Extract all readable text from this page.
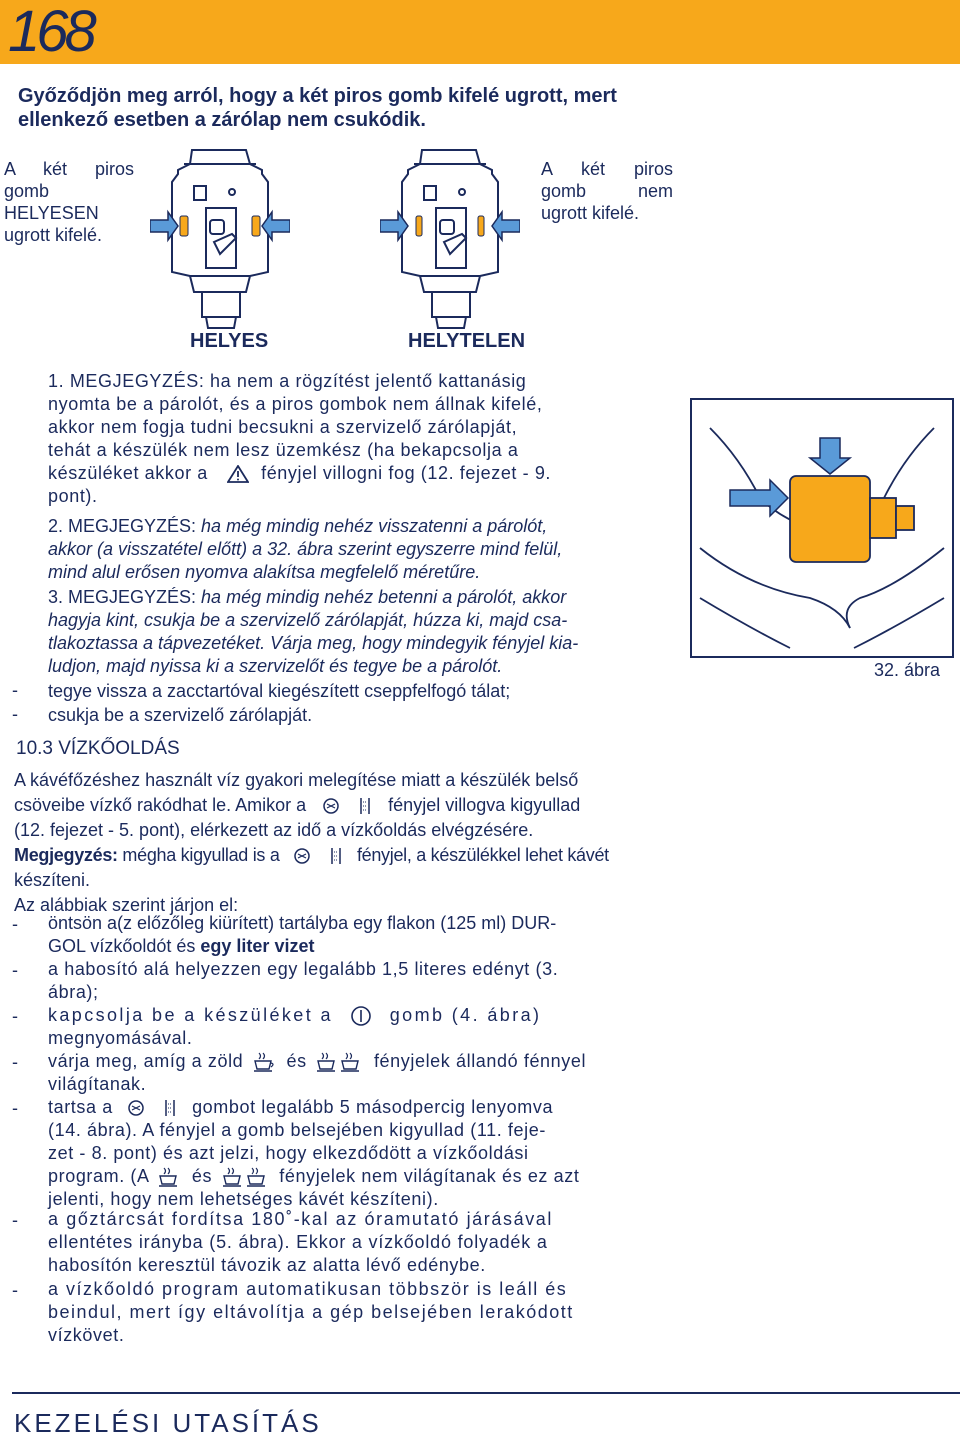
168
Győződjön meg arról, hogy a két piros gomb kifelé ugrott, mert ellenkező esetben a zárólap nem csukódik.
A két piros gomb HELYESEN ugrott kifelé.
A két piros gomb nem ugrott kifelé.
HELYES	HELYTELEN
32. ábra
1. MEGJEGYZÉS: ha nem a rögzítést jelentő kattanásig
nyomta be a párolót, és a piros gombok nem állnak kifelé,
akkor nem fogja tudni becsukni a szervizelő zárólapját,
tehát a készülék nem lesz üzemkész (ha bekapcsolja a
készüléket akkor a	fényjel villogni fog (12. fejezet - 9.
pont).
2. MEGJEGYZÉS: ha még mindig nehéz visszatenni a párolót,
akkor (a visszatétel előtt) a 32. ábra szerint egyszerre mind felül,
mind alul erősen nyomva alakítsa megfelelő méretűre.
3. MEGJEGYZÉS: ha még mindig nehéz betenni a párolót, akkor
hagyja kint, csukja be a szervizelő zárólapját, húzza ki, majd csa-
tlakoztassa a tápvezetéket. Várja meg, hogy mindegyik fényjel kia-
ludjon, majd nyissa ki a szervizelőt és tegye be a párolót.
- tegye vissza a zacctartóval kiegészített cseppfelfogó tálat;
- csukja be a szervizelő zárólapját.
10.3 VÍZKŐOLDÁS
A kávéfőzéshez használt víz gyakori melegítése miatt a készülék belső
csöveibe vízkő rakódhat le. Amikor a	fényjel villogva kigyullad
(12. fejezet - 5. pont), elérkezett az idő a vízkőoldás elvégzésére.
Megjegyzés: mégha kigyullad is a	fényjel, a készülékkel lehet kávét
készíteni.
Az alábbiak szerint járjon el:
- öntsön a(z előzőleg kiürített) tartályba egy flakon (125 ml) DUR-
GOL vízkőoldót és egy liter vizet
- a habosító alá helyezzen egy legalább 1,5 literes edényt (3.
ábra);
- kapcsolja be a készüléket a	gomb (4. ábra)
megnyomásával.
- várja meg, amíg a zöld és	fényjelek állandó fénnyel
világítanak.
- tartsa a	gombot legalább 5 másodpercig lenyomva
(14. ábra). A fényjel a gomb belsejében kigyullad (11. feje-
zet - 8. pont) és azt jelzi, hogy elkezdődött a vízkőoldási
program. (A és	fényjelek nem világítanak és ez azt
jelenti, hogy nem lehetséges kávét készíteni).
- a gőztárcsát fordítsa 180˚-kal az óramutató járásával
ellentétes irányba (5. ábra). Ekkor a vízkőoldó folyadék a
habosítón keresztül távozik az alatta lévő edénybe.
- a vízkőoldó program automatikusan többször is leáll és
beindul, mert így eltávolítja a gép belsejében lerakódott
vízkövet.
KEZELÉSI UTASÍTÁS
